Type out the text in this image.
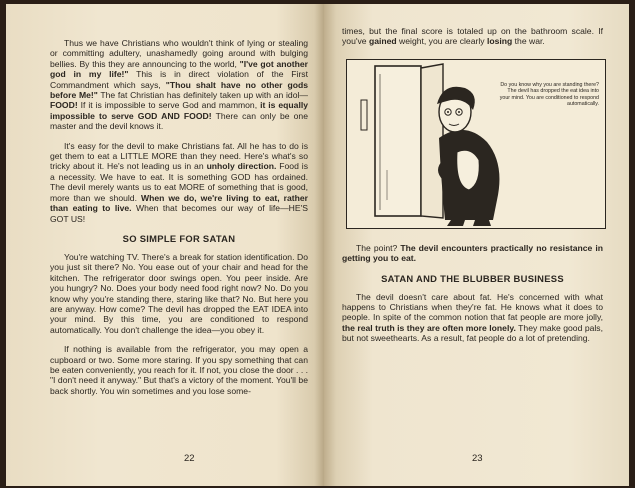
Thus we have Christians who wouldn't think of lying or stealing or committing adultery, unashamedly going around with bulging bellies. By this they are announcing to the world, "I've got another god in my life!" This is in direct violation of the First Commandment which says, "Thou shalt have no other gods before Me!" The fat Christian has definitely taken up with an idol—FOOD! If it is impossible to serve God and mammon, it is equally impossible to serve GOD AND FOOD! There can only be one master and the devil knows it.

It's easy for the devil to make Christians fat. All he has to do is get them to eat a LITTLE MORE than they need. Here's what's so tricky about it. He's not leading us in an unholy direction. Food is a necessity. We have to eat. It is something GOD has ordained. The devil merely wants us to eat MORE of something that is good, more than we should. When we do, we're living to eat, rather than eating to live. When that becomes our way of life—HE'S GOT US!

SO SIMPLE FOR SATAN

You're watching TV. There's a break for station identification. Do you just sit there? No. You ease out of your chair and head for the kitchen. The refrigerator door swings open. You peer inside. Are you hungry? No. Does your body need food right now? No. Do you know why you're standing there, staring like that? No. But here you are anyway. How come? The devil has dropped the EAT IDEA into your mind. By this time, you are conditioned to respond automatically. You don't challenge the idea—you obey it.

If nothing is available from the refrigerator, you may open a cupboard or two. Some more staring. If you spy something that can be eaten conveniently, you reach for it. If not, you close the door . . . "I don't need it anyway." But that's a victory of the moment. You'll be back shortly. You win sometimes and you lose some-

22

times, but the final score is totaled up on the bathroom scale. If you've gained weight, you are clearly losing the war.

Do you know why you are standing there? The devil has dropped the eat idea into your mind. You are conditioned to respond automatically.

The point? The devil encounters practically no resistance in getting you to eat.

SATAN AND THE BLUBBER BUSINESS

The devil doesn't care about fat. He's concerned with what happens to Christians when they're fat. He knows what it does to people. In spite of the common notion that fat people are more jolly, the real truth is they are often more lonely. They make good pals, but not sweethearts. As a result, fat people do a lot of pretending.

23
